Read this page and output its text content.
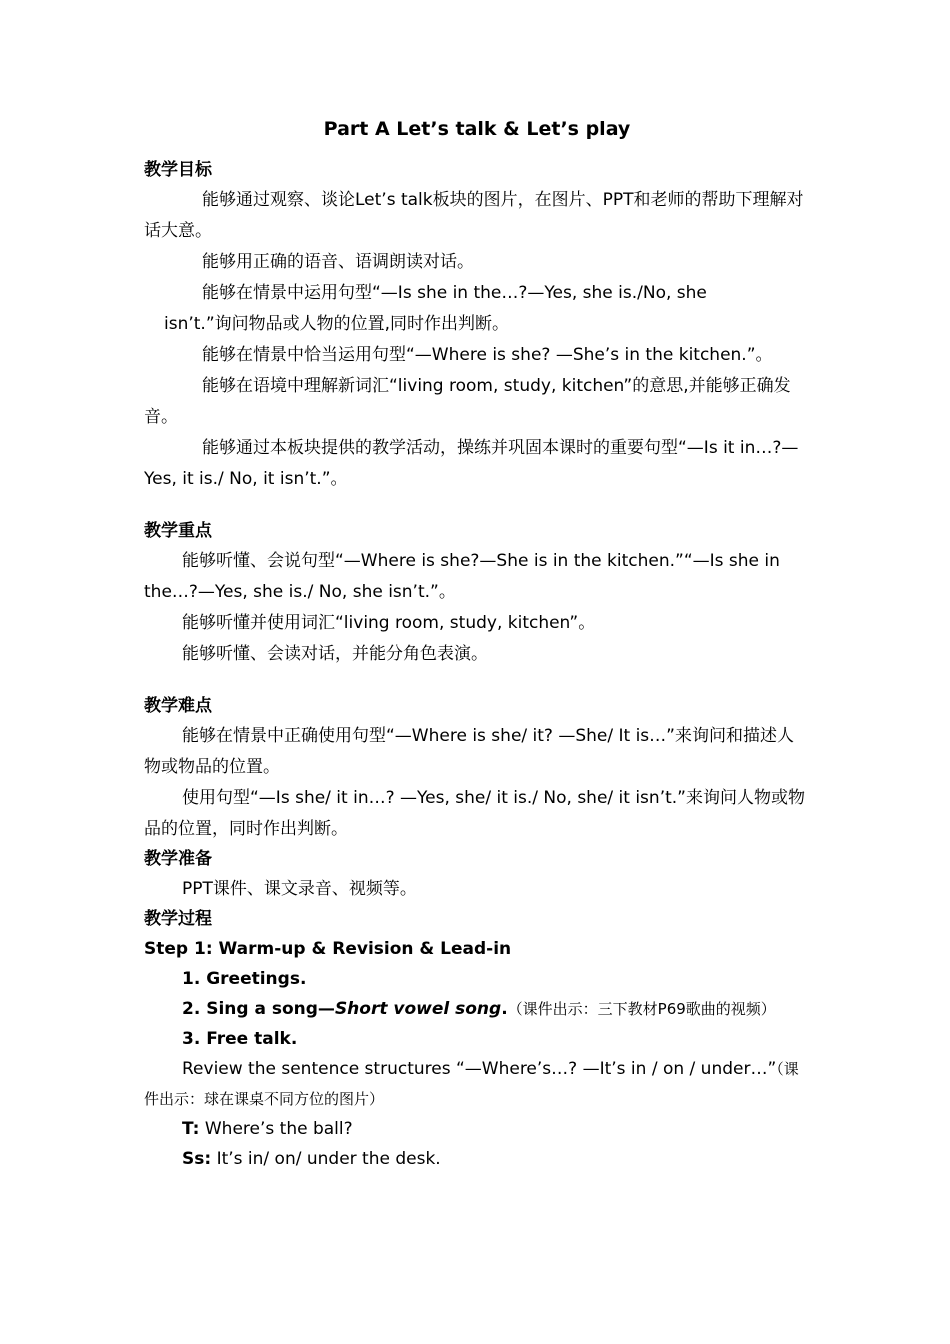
Part A Let’s talk & Let’s play

教学目标

能够通过观察、谈论Let’s talk板块的图片，在图片、PPT和老师的帮助下理解对话大意。

能够用正确的语音、语调朗读对话。

能够在情景中运用句型“—Is she in the…?—Yes, she is./No, she

isn’t.”询问物品或人物的位置,同时作出判断。

能够在情景中恰当运用句型“—Where is she? —She’s in the kitchen.”。

能够在语境中理解新词汇“living room, study, kitchen”的意思,并能够正确发音。

能够通过本板块提供的教学活动，操练并巩固本课时的重要句型“—Is it in…?—Yes, it is./ No, it isn’t.”。

教学重点

能够听懂、会说句型“—Where is she?—She is in the kitchen.”“—Is she in the…?—Yes, she is./ No, she isn’t.”。

能够听懂并使用词汇“living room, study, kitchen”。

能够听懂、会读对话，并能分角色表演。

教学难点

能够在情景中正确使用句型“—Where is she/ it? —She/ It is…”来询问和描述人物或物品的位置。

使用句型“—Is she/ it in…? —Yes, she/ it is./ No, she/ it isn’t.”来询问人物或物品的位置，同时作出判断。

教学准备

PPT课件、课文录音、视频等。

教学过程

Step 1: Warm-up & Revision & Lead-in

1. Greetings.

2. Sing a song—Short vowel song.（课件出示：三下教材P69歌曲的视频）

3. Free talk.

Review the sentence structures “—Where’s…? —It’s in / on / under…”（课件出示：球在课桌不同方位的图片）

T: Where’s the ball?

Ss: It’s in/ on/ under the desk.
